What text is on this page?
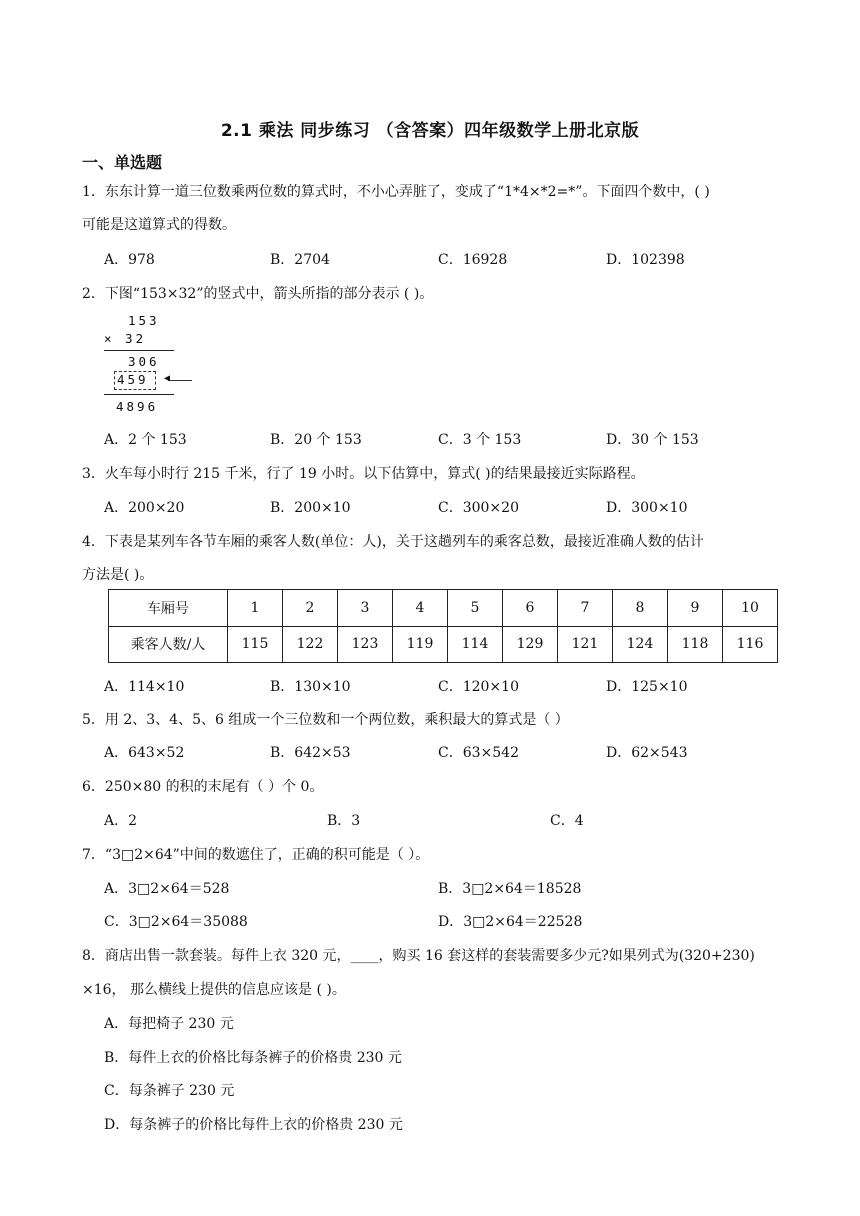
2.1 乘法 同步练习 （含答案）四年级数学上册北京版
一、单选题
1．东东计算一道三位数乘两位数的算式时，不小心弄脏了，变成了“1*4×*2=*”。下面四个数中，( )
可能是这道算式的得数。
A．978	B．2704	C．16928	D．102398
2．下图“153×32”的竖式中，箭头所指的部分表示 ( )。
153
× 32
306
459 ◀
4896
A．2 个 153	B．20 个 153	C．3 个 153	D．30 个 153
3．火车每小时行 215 千米，行了 19 小时。以下估算中，算式( )的结果最接近实际路程。
A．200×20	B．200×10	C．300×20	D．300×10
4．下表是某列车各节车厢的乘客人数(单位：人)，关于这趟列车的乘客总数，最接近准确人数的估计
方法是( )。
车厢号	1	2	3	4	5	6	7	8	9	10
乘客人数/人	115	122	123	119	114	129	121	124	118	116
A．114×10	B．130×10	C．120×10	D．125×10
5．用 2、3、4、5、6 组成一个三位数和一个两位数，乘积最大的算式是（ ）
A．643×52	B．642×53	C．63×542	D．62×543
6．250×80 的积的末尾有（ ）个 0。
A．2	B．3	C．4
7．“3□2×64”中间的数遮住了，正确的积可能是（ ）。
A．3□2×64＝528	B．3□2×64＝18528
C．3□2×64＝35088	D．3□2×64＝22528
8．商店出售一款套装。每件上衣 320 元，____，购买 16 套这样的套装需要多少元?如果列式为(320+230)
×16， 那么横线上提供的信息应该是 ( )。
A．每把椅子 230 元
B．每件上衣的价格比每条裤子的价格贵 230 元
C．每条裤子 230 元
D．每条裤子的价格比每件上衣的价格贵 230 元
